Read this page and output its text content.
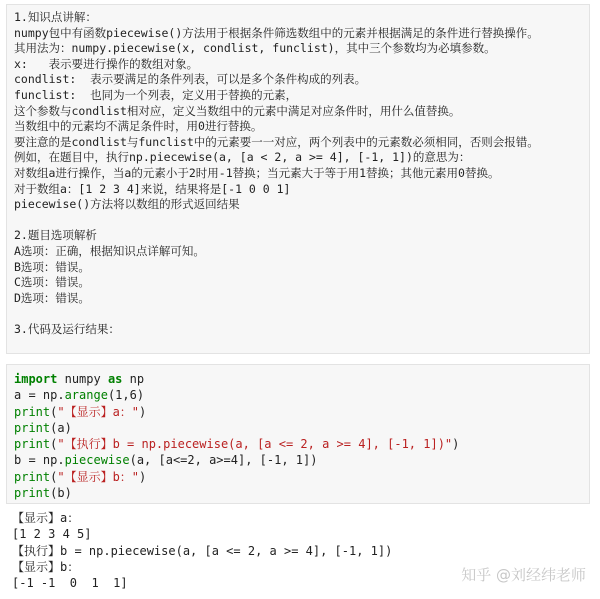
1.知识点讲解：
numpy包中有函数piecewise()方法用于根据条件筛选数组中的元素并根据满足的条件进行替换操作。
其用法为：numpy.piecewise(x, condlist, funclist)，其中三个参数均为必填参数。
x:   表示要进行操作的数组对象。
condlist:  表示要满足的条件列表，可以是多个条件构成的列表。
funclist:  也同为一个列表，定义用于替换的元素，
这个参数与condlist相对应，定义当数组中的元素中满足对应条件时，用什么值替换。
当数组中的元素均不满足条件时，用0进行替换。
要注意的是condlist与funclist中的元素要一一对应，两个列表中的元素数必须相同，否则会报错。
例如，在题目中，执行np.piecewise(a, [a < 2, a >= 4], [-1, 1])的意思为：
对数组a进行操作，当a的元素小于2时用-1替换；当元素大于等于用1替换；其他元素用0替换。
对于数组a：[1 2 3 4]来说，结果将是[-1 0 0 1]
piecewise()方法将以数组的形式返回结果
2.题目选项解析
A选项：正确，根据知识点详解可知。
B选项：错误。
C选项：错误。
D选项：错误。
3.代码及运行结果：
import numpy as np
a = np.arange(1,6)
print("【显示】a：")
print(a)
print("【执行】b = np.piecewise(a, [a <= 2, a >= 4], [-1, 1])")
b = np.piecewise(a, [a<=2, a>=4], [-1, 1])
print("【显示】b：")
print(b)
【显示】a：
[1 2 3 4 5]
【执行】b = np.piecewise(a, [a <= 2, a >= 4], [-1, 1])
【显示】b：
[-1 -1  0  1  1]	知乎 @刘经纬老师
